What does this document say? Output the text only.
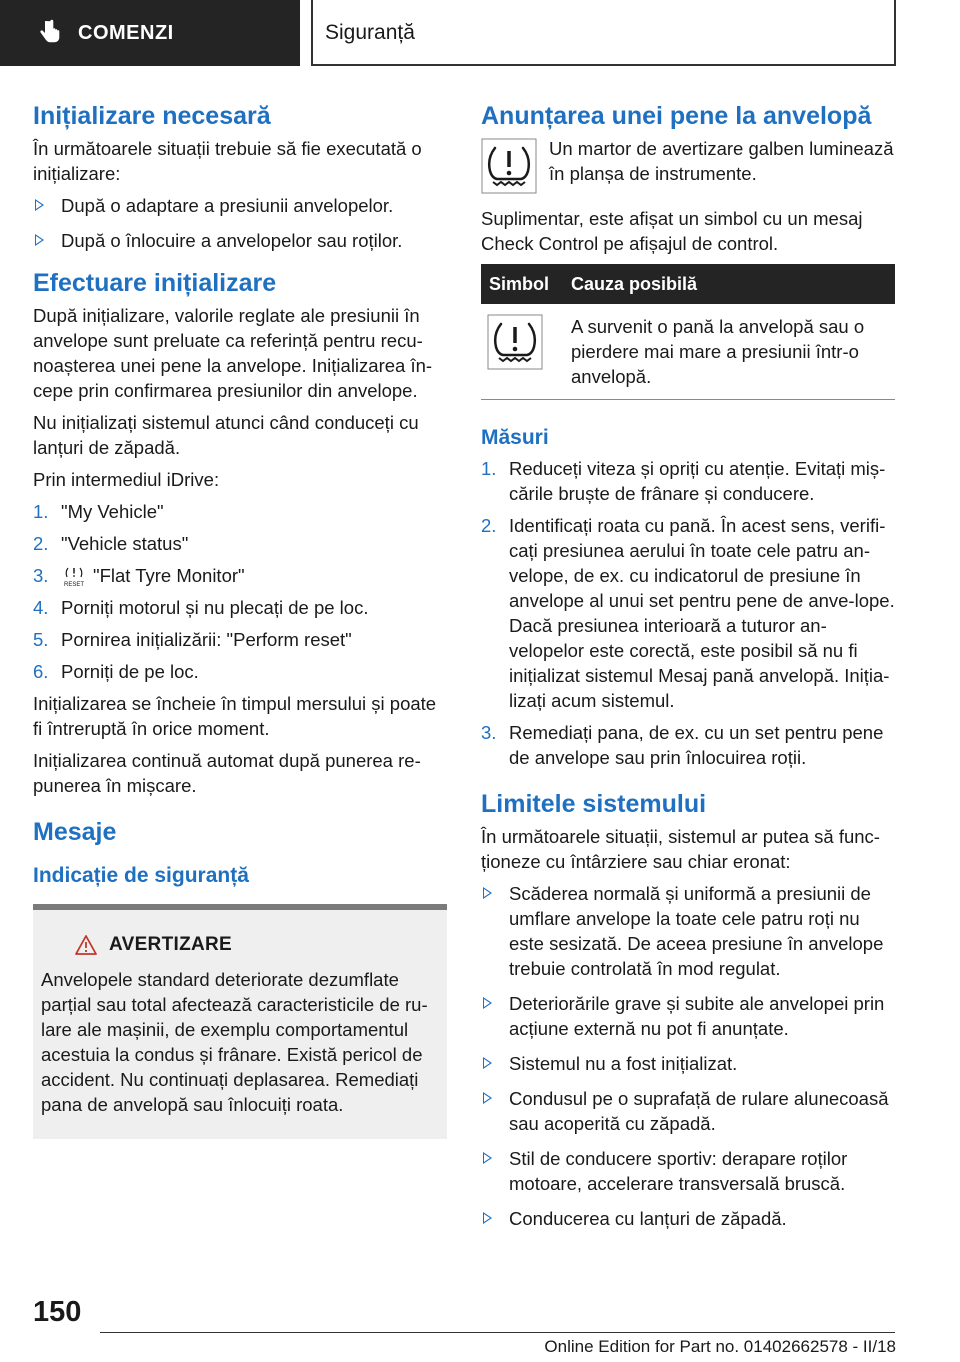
COMENZI	Siguranță
Inițializare necesară

În următoarele situații trebuie să fie executată o inițializare:

După o adaptare a presiunii anvelopelor.
După o înlocuire a anvelopelor sau roților.
Efectuare inițializare

După inițializare, valorile reglate ale presiunii în anvelope sunt preluate ca referință pentru recu-noașterea unei pene la anvelope. Inițializarea în-cepe prin confirmarea presiunilor din anvelope.

Nu inițializați sistemul atunci când conduceți cu lanțuri de zăpadă.

Prin intermediul iDrive:

1. "My Vehicle"
2. "Vehicle status"
3.	RESET "Flat Tyre Monitor"
4. Porniți motorul și nu plecați de pe loc.
5. Pornirea inițializării: "Perform reset"
6. Porniți de pe loc.

Inițializarea se încheie în timpul mersului și poate fi întreruptă în orice moment.

Inițializarea continuă automat după punerea re-punerea în mișcare.

Mesaje
Indicație de siguranță
AVERTIZARE

Anvelopele standard deteriorate dezumflate parțial sau total afectează caracteristicile de ru-lare ale mașinii, de exemplu comportamentul acestuia la condus și frânare. Există pericol de accident. Nu continuați deplasarea. Remediați pana de anvelopă sau înlocuiți roata.

Anunțarea unei pene la anvelopă

Un martor de avertizare galben luminează în planșa de instrumente.

Suplimentar, este afișat un simbol cu un mesaj Check Control pe afișajul de control.

Simbol	Cauza posibilă
	A survenit o pană la anvelopă sau o pierdere mai mare a presiunii într-o anvelopă.
Măsuri
1. Reduceți viteza și opriți cu atenție. Evitați miș-cările bruște de frânare și conducere.
2. Identificați roata cu pană. În acest sens, verifi-cați presiunea aerului în toate cele patru an-velope, de ex. cu indicatorul de presiune în anvelope al unui set pentru pene de anve-lope. Dacă presiunea interioară a tuturor an-velopelor este corectă, este posibil să nu fi inițializat sistemul Mesaj pană anvelopă. Iniția-lizați acum sistemul.
3. Remediați pana, de ex. cu un set pentru pene de anvelope sau prin înlocuirea roții.
Limitele sistemului

În următoarele situații, sistemul ar putea să func-ționeze cu întârziere sau chiar eronat:

Scăderea normală și uniformă a presiunii de umflare anvelope la toate cele patru roți nu este sesizată. De aceea presiune în anvelope trebuie controlată în mod regulat.
Deteriorările grave și subite ale anvelopei prin acțiune externă nu pot fi anunțate.
Sistemul nu a fost inițializat.
Condusul pe o suprafață de rulare alunecoasă sau acoperită cu zăpadă.
Stil de conducere sportiv: derapare roților motoare, accelerare transversală bruscă.
Conducerea cu lanțuri de zăpadă.
150
Online Edition for Part no. 01402662578 - II/18
